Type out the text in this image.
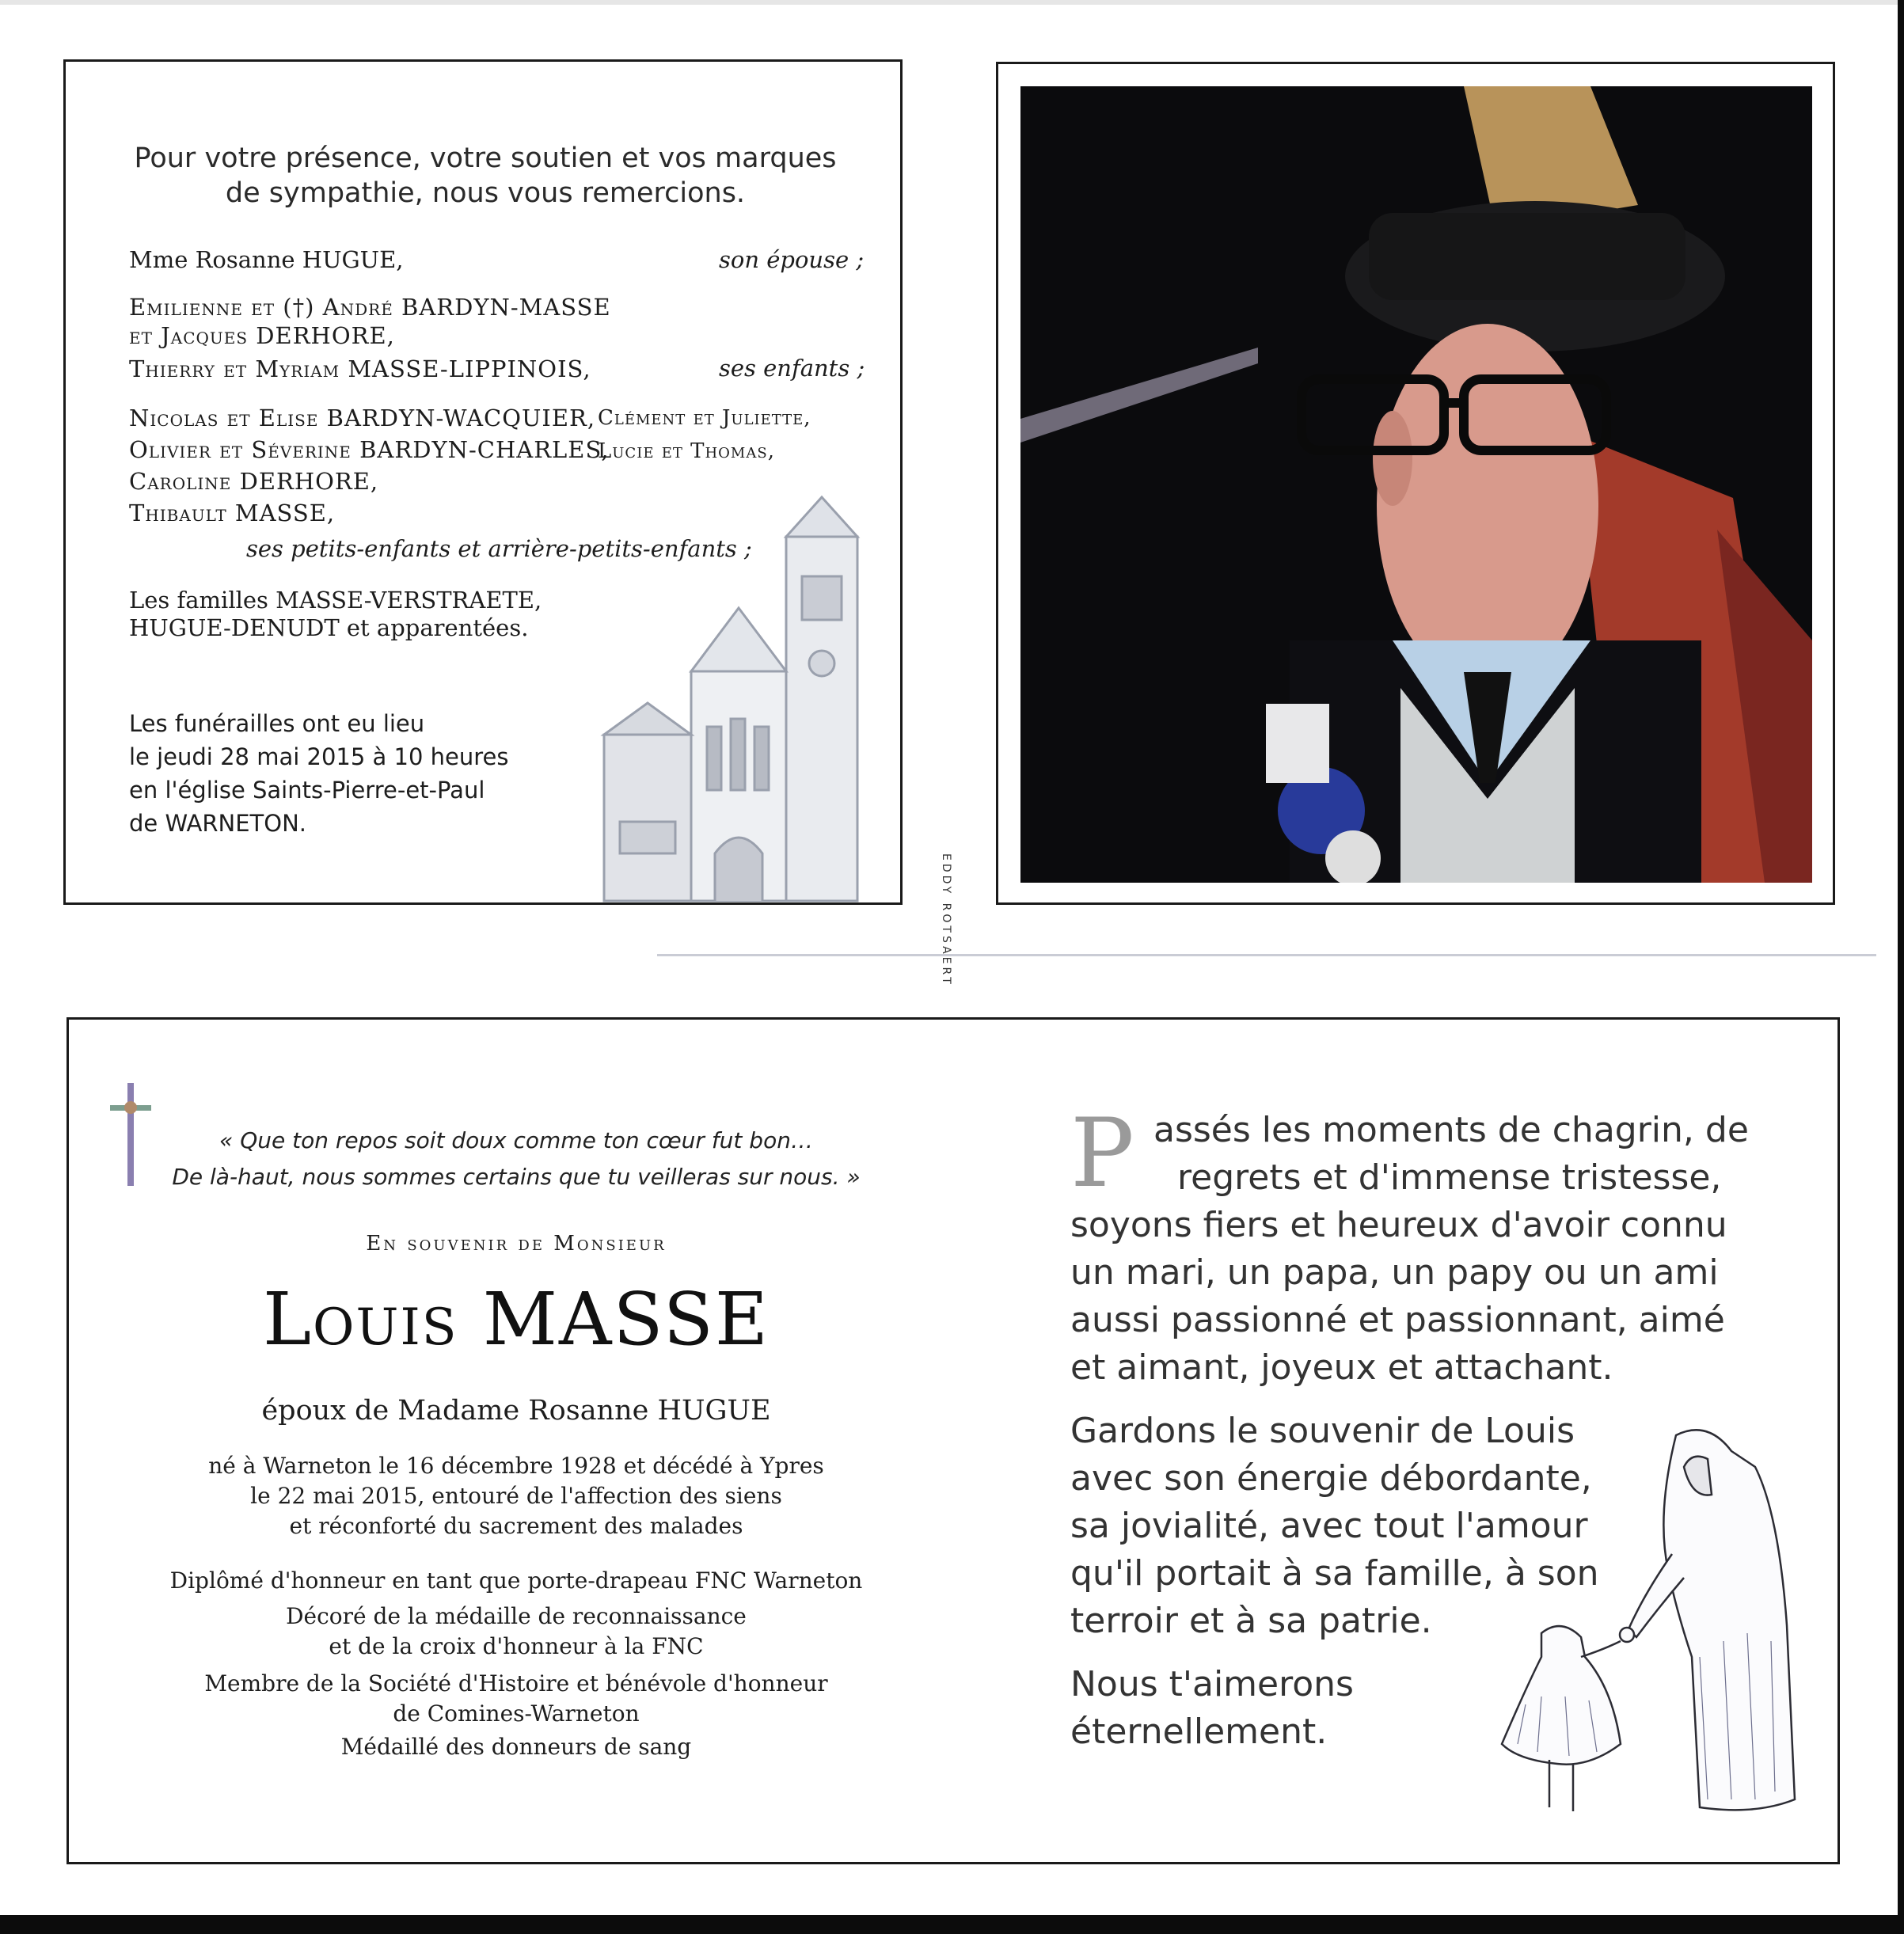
Pour votre présence, votre soutien et vos marques
de sympathie, nous vous remercions.
Mme Rosanne HUGUE,	son épouse ;
Emilienne et (†) André BARDYN-MASSE
et Jacques DERHORE,
Thierry et Myriam MASSE-LIPPINOIS,	ses enfants ;
Nicolas et Elise BARDYN-WACQUIER, Clément et Juliette,
Olivier et Séverine BARDYN-CHARLES,
Lucie et Thomas,
Caroline DERHORE,
Thibault MASSE,
ses petits-enfants et arrière-petits-enfants ;
Les familles MASSE-VERSTRAETE,
HUGUE-DENUDT et apparentées.
Les funérailles ont eu lieu
le jeudi 28 mai 2015 à 10 heures
en l'église Saints-Pierre-et-Paul
de WARNETON.
EDDY ROTSAERT
« Que ton repos soit doux comme ton cœur fut bon…
De là-haut, nous sommes certains que tu veilleras sur nous. »
En souvenir de Monsieur
Louis MASSE
époux de Madame Rosanne HUGUE
né à Warneton le 16 décembre 1928 et décédé à Ypres
le 22 mai 2015, entouré de l'affection des siens
et réconforté du sacrement des malades
Diplômé d'honneur en tant que porte-drapeau FNC Warneton
Décoré de la médaille de reconnaissance
et de la croix d'honneur à la FNC
Membre de la Société d'Histoire et bénévole d'honneur
de Comines-Warneton
Médaillé des donneurs de sang
P assés les moments de chagrin, de
regrets et d'immense tristesse,
soyons fiers et heureux d'avoir connu
un mari, un papa, un papy ou un ami
aussi passionné et passionnant, aimé
et aimant, joyeux et attachant.
Gardons le souvenir de Louis
avec son énergie débordante,
sa jovialité, avec tout l'amour
qu'il portait à sa famille, à son
terroir et à sa patrie.
Nous t'aimerons
éternellement.
